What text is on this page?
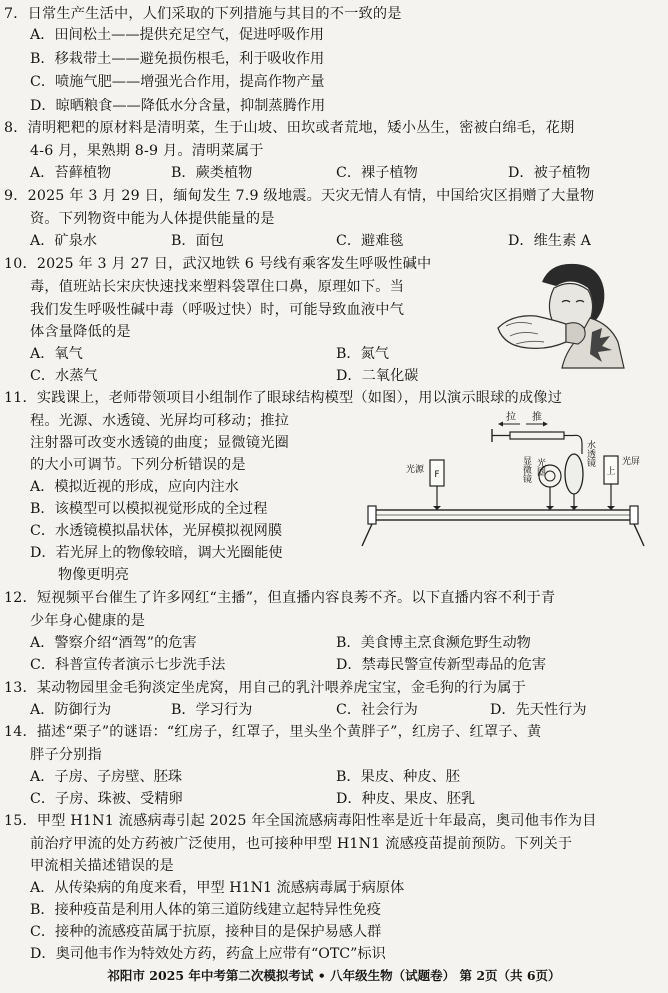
7．日常生产生活中，人们采取的下列措施与其目的不一致的是
A．田间松土——提供充足空气，促进呼吸作用
B．移栽带土——避免损伤根毛，利于吸收作用
C．喷施气肥——增强光合作用，提高作物产量
D．晾晒粮食——降低水分含量，抑制蒸腾作用
8．清明粑粑的原材料是清明菜，生于山坡、田坎或者荒地，矮小丛生，密被白绵毛，花期
4-6 月，果熟期 8-9 月。清明菜属于
A．苔藓植物	B．蕨类植物	C．裸子植物	D．被子植物
9．2025 年 3 月 29 日，缅甸发生 7.9 级地震。天灾无情人有情，中国给灾区捐赠了大量物
资。下列物资中能为人体提供能量的是
A．矿泉水	B．面包	C．避难毯	D．维生素 A
10．2025 年 3 月 27 日，武汉地铁 6 号线有乘客发生呼吸性碱中
毒，值班站长宋庆快速找来塑料袋罩住口鼻，原理如下。当
我们发生呼吸性碱中毒（呼吸过快）时，可能导致血液中气
体含量降低的是
A．氧气	B．氮气
C．水蒸气	D．二氧化碳
11．实践课上，老师带领项目小组制作了眼球结构模型（如图），用以演示眼球的成像过
程。光源、水透镜、光屏均可移动；推拉
注射器可改变水透镜的曲度；显微镜光圈
的大小可调节。下列分析错误的是
A．模拟近视的形成，应向内注水
B．该模型可以模拟视觉形成的全过程
C．水透镜模拟晶状体，光屏模拟视网膜
D．若光屏上的物像较暗，调大光圈能使
物像更明亮
拉 推
F
光源	显微镜 光圈	水透镜
上
光屏
12．短视频平台催生了许多网红“主播”，但直播内容良莠不齐。以下直播内容不利于青
少年身心健康的是
A．警察介绍“酒驾”的危害	B．美食博主烹食濒危野生动物
C．科普宣传者演示七步洗手法	D．禁毒民警宣传新型毒品的危害
13．某动物园里金毛狗淡定坐虎窝，用自己的乳汁喂养虎宝宝，金毛狗的行为属于
A．防御行为	B．学习行为	C．社会行为	D．先天性行为
14．描述“栗子”的谜语：“红房子，红罩子，里头坐个黄胖子”，红房子、红罩子、黄
胖子分别指
A．子房、子房壁、胚珠	B．果皮、种皮、胚
C．子房、珠被、受精卵	D．种皮、果皮、胚乳
15．甲型 H1N1 流感病毒引起 2025 年全国流感病毒阳性率是近十年最高，奥司他韦作为目
前治疗甲流的处方药被广泛使用，也可接种甲型 H1N1 流感疫苗提前预防。下列关于
甲流相关描述错误的是
A．从传染病的角度来看，甲型 H1N1 流感病毒属于病原体
B．接种疫苗是利用人体的第三道防线建立起特异性免疫
C．接种的流感疫苗属于抗原，接种目的是保护易感人群
D．奥司他韦作为特效处方药，药盒上应带有“OTC”标识
祁阳市 2025 年中考第二次模拟考试 • 八年级生物（试题卷） 第 2页（共 6页）
